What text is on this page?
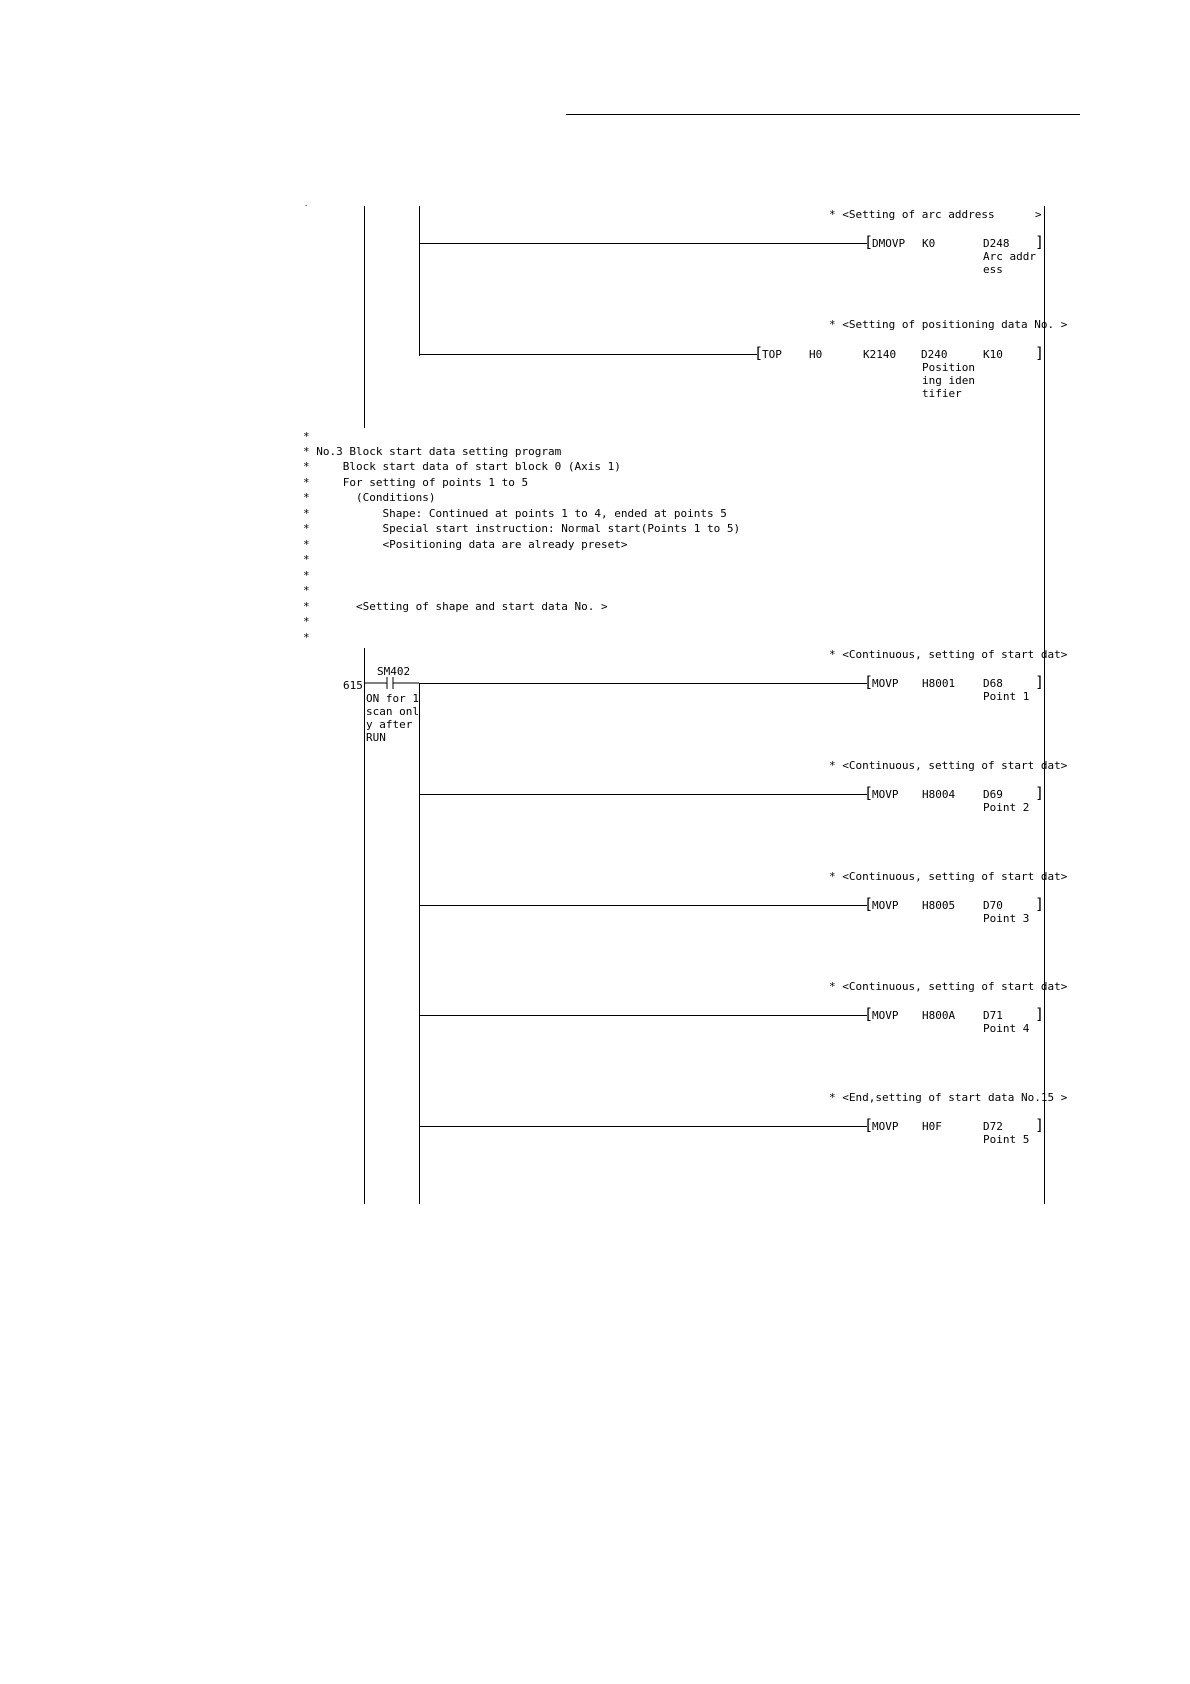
.
* <Setting of arc address	>
[
DMOVP K0	D248
Arc addr
ess
]
* <Setting of positioning data No. >
[
TOP H0	K2140 D240	K10
Position
ing iden
tifier
]
*
* No.3 Block start data setting program
*     Block start data of start block 0 (Axis 1)
*     For setting of points 1 to 5
*       (Conditions)
*           Shape: Continued at points 1 to 4, ended at points 5
*           Special start instruction: Normal start(Points 1 to 5)
*           <Positioning data are already preset>
*
*
*
*       <Setting of shape and start data No. >
*
*
615
SM402
ON for 1
scan onl
y after
RUN
* <Continuous, setting of start dat>
[
MOVP H8001	D68
Point 1
]
* <Continuous, setting of start dat>
[
MOVP H8004	D69
Point 2
]
* <Continuous, setting of start dat>
[
MOVP H8005	D70
Point 3
]
* <Continuous, setting of start dat>
[
MOVP H800A	D71
Point 4
]
* <End,setting of start data No.15 >
[
MOVP H0F	D72
Point 5
]
